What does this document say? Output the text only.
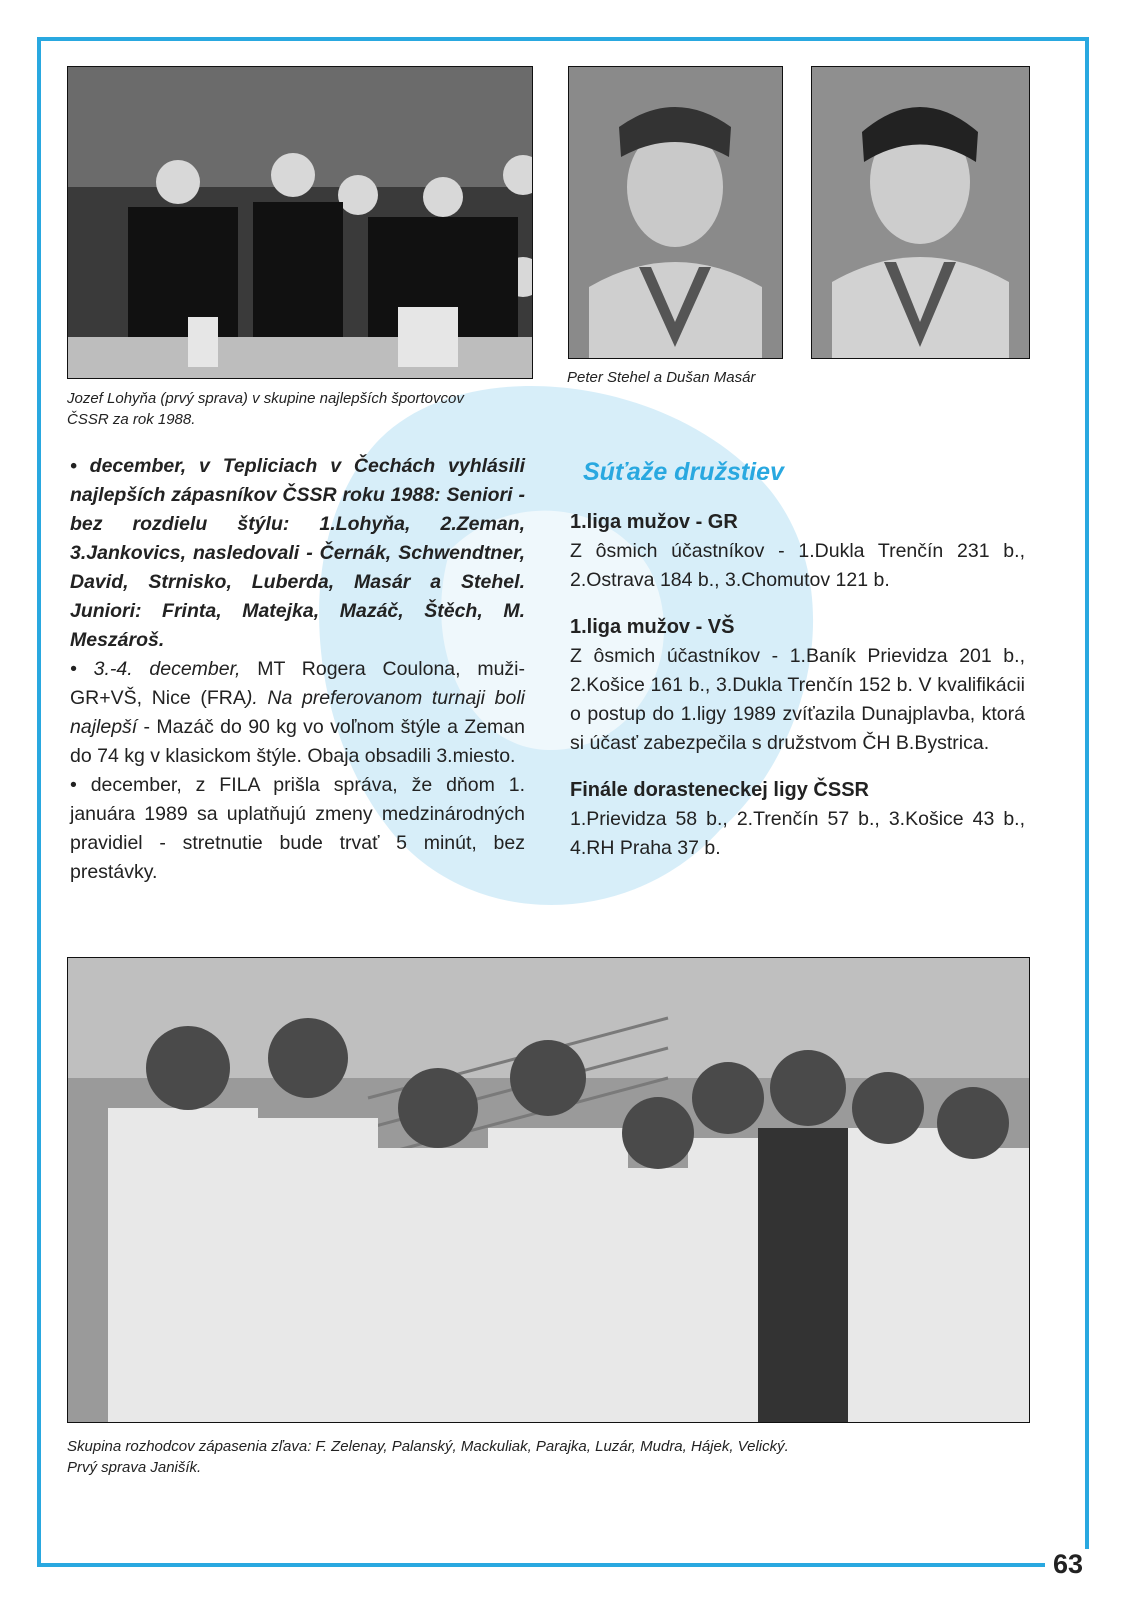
Jozef Lohyňa (prvý sprava) v skupine najlepších športovcov
ČSSR za rok 1988.
Peter Stehel a Dušan Masár

• december, v Tepliciach v Čechách vyhlásili najlepších zápasníkov ČSSR roku 1988: Seniori - bez rozdielu štýlu: 1.Lohyňa, 2.Zeman, 3.Jankovics, nasledovali - Černák, Schwendtner, David, Strnisko, Luberda, Masár a Stehel. Juniori: Frinta, Matejka, Mazáč, Štěch, M. Meszároš.

• 3.-4. december, MT Rogera Coulona, muži-GR+VŠ, Nice (FRA). Na preferovanom turnaji boli najlepší - Mazáč do 90 kg vo voľnom štýle a Zeman do 74 kg v klasickom štýle. Obaja obsadili 3.miesto.

• december, z FILA prišla správa, že dňom 1. januára 1989 sa uplatňujú zmeny medzinárodných pravidiel - stretnutie bude trvať 5 minút, bez prestávky.

Súťaže družstiev
1.liga mužov - GR

Z ôsmich účastníkov - 1.Dukla Trenčín 231 b., 2.Ostrava 184 b., 3.Chomutov 121 b.

1.liga mužov - VŠ

Z ôsmich účastníkov - 1.Baník Prievidza 201 b., 2.Košice 161 b., 3.Dukla Trenčín 152 b. V kvalifikácii o postup do 1.ligy 1989 zvíťazila Dunajplavba, ktorá si účasť zabezpečila s družstvom ČH B.Bystrica.

Finále dorasteneckej ligy ČSSR

1.Prievidza 58 b., 2.Trenčín 57 b., 3.Košice 43 b., 4.RH Praha 37 b.

Skupina rozhodcov zápasenia zľava: F. Zelenay, Palanský, Mackuliak, Parajka, Luzár, Mudra, Hájek, Velický.
Prvý sprava Janišík.
63
